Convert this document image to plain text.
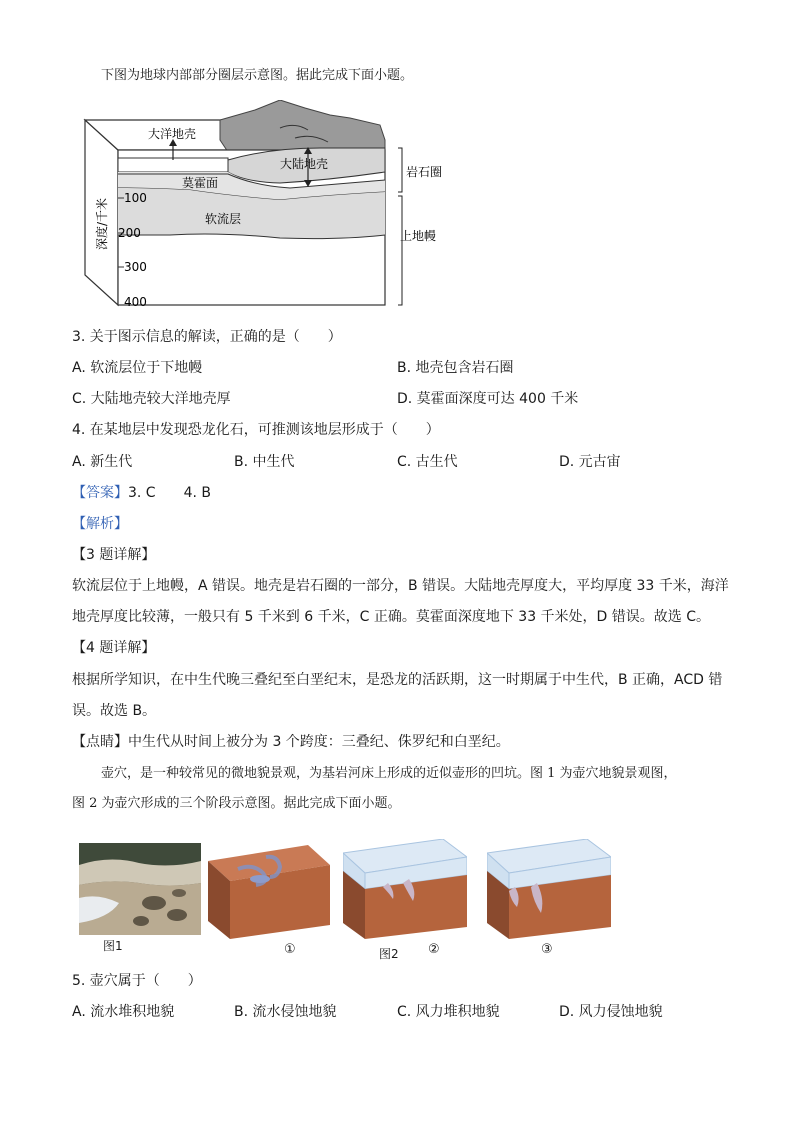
下图为地球内部部分圈层示意图。据此完成下面小题。
大洋地壳
大陆地壳
莫霍面
软流层
岩石圈
上地幔
100
200
300
400
深度/千米
3. 关于图示信息的解读，正确的是（　　）
A. 软流层位于下地幔	B. 地壳包含岩石圈
C. 大陆地壳较大洋地壳厚	D. 莫霍面深度可达 400 千米
4. 在某地层中发现恐龙化石，可推测该地层形成于（　　）
A. 新生代	B. 中生代	C. 古生代	D. 元古宙
【答案】3. C　　4. B
【解析】
【3 题详解】
软流层位于上地幔，A 错误。地壳是岩石圈的一部分，B 错误。大陆地壳厚度大，平均厚度 33 千米，海洋
地壳厚度比较薄，一般只有 5 千米到 6 千米，C 正确。莫霍面深度地下 33 千米处，D 错误。故选 C。
【4 题详解】
根据所学知识，在中生代晚三叠纪至白垩纪末，是恐龙的活跃期，这一时期属于中生代，B 正确，ACD 错
误。故选 B。
【点睛】中生代从时间上被分为 3 个跨度：三叠纪、侏罗纪和白垩纪。
壶穴，是一种较常见的微地貌景观，为基岩河床上形成的近似壶形的凹坑。图 1 为壶穴地貌景观图，
图 2 为壶穴形成的三个阶段示意图。据此完成下面小题。
图1	①	②
图2	③
5. 壶穴属于（　　）
A. 流水堆积地貌	B. 流水侵蚀地貌	C. 风力堆积地貌	D. 风力侵蚀地貌
